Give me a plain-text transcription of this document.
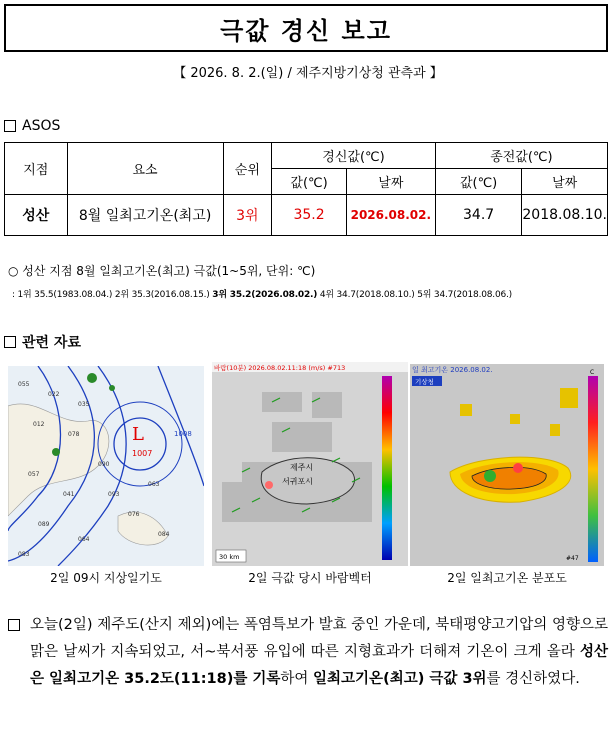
극값 경신 보고
【 2026. 8. 2.(일) / 제주지방기상청 관측과 】
ASOS
지점	요소	순위	경신값(℃)		종전값(℃)	
			값(℃)	날짜	값(℃)	날짜
성산	8월 일최고기온(최고)	3위	35.2	2026.08.02.	34.7	2018.08.10.
○ 성산 지점 8월 일최고기온(최고) 극값(1~5위, 단위: ℃)
: 1위 35.5(1983.08.04.) 2위 35.3(2016.08.15.) 3위 35.2(2026.08.02.) 4위 34.7(2018.08.10.) 5위 34.7(2018.08.06.)
관련 자료
055
022
035
012
078
090
057
041	093
063
089
064
076
083
084
L
1007
1008
2일 09시 지상일기도
바람(10분) 2026.08.02.11:18 (m/s) #713
제주시
서귀포시
30 km
2일 극값 당시 바람벡터
일 최고기온 2026.08.02.
기상청
C
#47
2일 일최고기온 분포도
오늘(2일) 제주도(산지 제외)에는 폭염특보가 발효 중인 가운데, 북태평양고기압의 영향으로 맑은 날씨가 지속되었고, 서~북서풍 유입에 따른 지형효과가 더해져 기온이 크게 올라 성산은 일최고기온 35.2도(11:18)를 기록하여 일최고기온(최고) 극값 3위를 경신하였다.
